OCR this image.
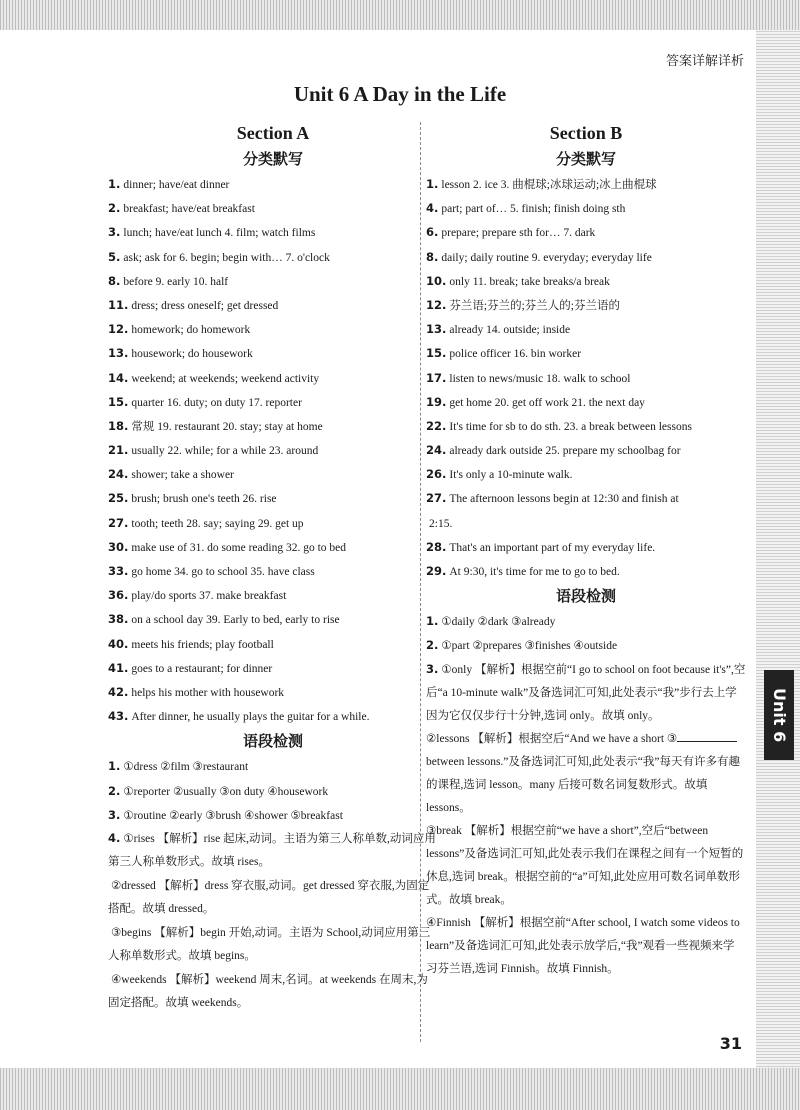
答案详解详析
Unit 6 A Day in the Life
Section A
分类默写
1. dinner; have/eat dinner
2. breakfast; have/eat breakfast
3. lunch; have/eat lunch 4. film; watch films
5. ask; ask for 6. begin; begin with… 7. o'clock
8. before 9. early 10. half
11. dress; dress oneself; get dressed
12. homework; do homework
13. housework; do housework
14. weekend; at weekends; weekend activity
15. quarter 16. duty; on duty 17. reporter
18. 常规 19. restaurant 20. stay; stay at home
21. usually 22. while; for a while 23. around
24. shower; take a shower
25. brush; brush one's teeth 26. rise
27. tooth; teeth 28. say; saying 29. get up
30. make use of 31. do some reading 32. go to bed
33. go home 34. go to school 35. have class
36. play/do sports 37. make breakfast
38. on a school day 39. Early to bed, early to rise
40. meets his friends; play football
41. goes to a restaurant; for dinner
42. helps his mother with housework
43. After dinner, he usually plays the guitar for a while.
语段检测
1. ①dress ②film ③restaurant
2. ①reporter ②usually ③on duty ④housework
3. ①routine ②early ③brush ④shower ⑤breakfast
4. ①rises 【解析】rise 起床,动词。主语为第三人称单数,动词应用第三人称单数形式。故填 rises。
②dressed 【解析】dress 穿衣服,动词。get dressed 穿衣服,为固定搭配。故填 dressed。
③begins 【解析】begin 开始,动词。主语为 School,动词应用第三人称单数形式。故填 begins。
④weekends 【解析】weekend 周末,名词。at weekends 在周末,为固定搭配。故填 weekends。
Section B
分类默写
1. lesson 2. ice 3. 曲棍球;冰球运动;冰上曲棍球
4. part; part of… 5. finish; finish doing sth
6. prepare; prepare sth for… 7. dark
8. daily; daily routine 9. everyday; everyday life
10. only 11. break; take breaks/a break
12. 芬兰语;芬兰的;芬兰人的;芬兰语的
13. already 14. outside; inside
15. police officer 16. bin worker
17. listen to news/music 18. walk to school
19. get home 20. get off work 21. the next day
22. It's time for sb to do sth. 23. a break between lessons
24. already dark outside 25. prepare my schoolbag for
26. It's only a 10-minute walk.
27. The afternoon lessons begin at 12:30 and finish at
2:15.
28. That's an important part of my everyday life.
29. At 9:30, it's time for me to go to bed.
语段检测
1. ①daily ②dark ③already
2. ①part ②prepares ③finishes ④outside
3. ①only 【解析】根据空前“I go to school on foot because it's”,空后“a 10-minute walk”及备选词汇可知,此处表示“我”步行去上学因为它仅仅步行十分钟,选词 only。故填 only。
②lessons 【解析】根据空后“And we have a short ③ between lessons.”及备选词汇可知,此处表示“我”每天有许多有趣的课程,选词 lesson。many 后接可数名词复数形式。故填 lessons。
③break 【解析】根据空前“we have a short”,空后“between lessons”及备选词汇可知,此处表示我们在课程之间有一个短暂的休息,选词 break。根据空前的“a”可知,此处应用可数名词单数形式。故填 break。
④Finnish 【解析】根据空前“After school, I watch some videos to learn”及备选词汇可知,此处表示放学后,“我”观看一些视频来学习芬兰语,选词 Finnish。故填 Finnish。
Unit 6
31
